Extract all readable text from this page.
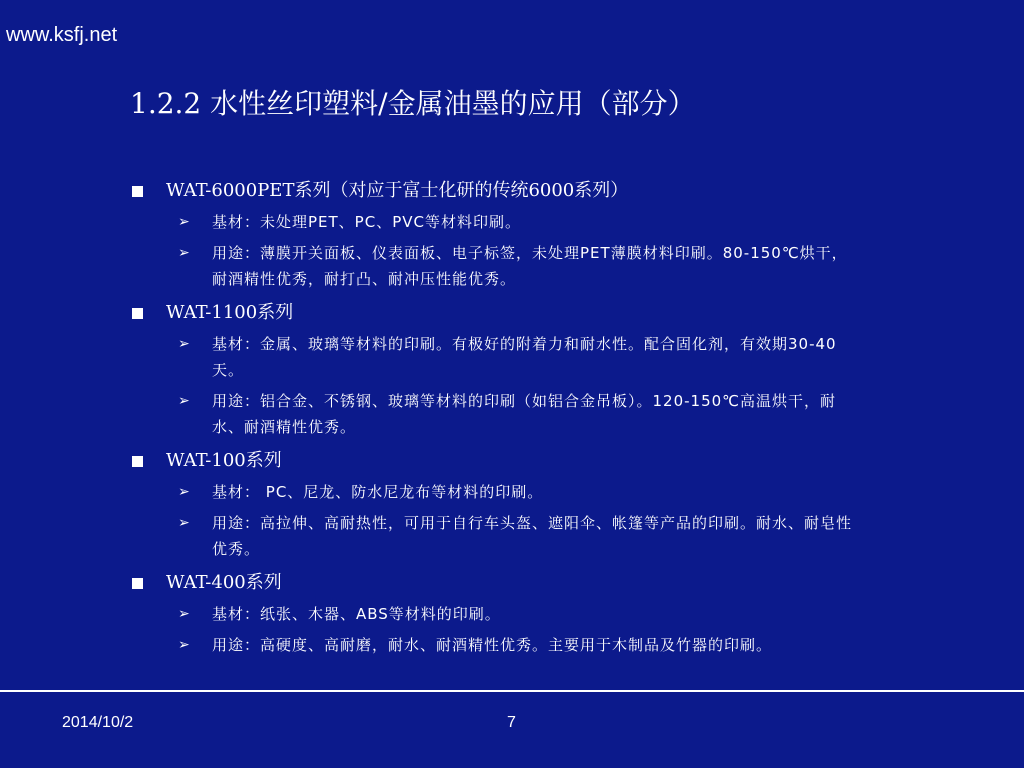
www.ksfj.net
1.2.2 水性丝印塑料/金属油墨的应用（部分）
WAT-6000PET系列（对应于富士化研的传统6000系列）
➢ 基材：未处理PET、PC、PVC等材料印刷。
➢ 用途：薄膜开关面板、仪表面板、电子标签，未处理PET薄膜材料印刷。80-150℃烘干，耐酒精性优秀，耐打凸、耐冲压性能优秀。
WAT-1100系列
➢ 基材：金属、玻璃等材料的印刷。有极好的附着力和耐水性。配合固化剂，有效期30-40天。
➢ 用途：铝合金、不锈钢、玻璃等材料的印刷（如铝合金吊板）。120-150℃高温烘干，耐水、耐酒精性优秀。
WAT-100系列
➢ 基材： PC、尼龙、防水尼龙布等材料的印刷。
➢ 用途：高拉伸、高耐热性，可用于自行车头盔、遮阳伞、帐篷等产品的印刷。耐水、耐皂性优秀。
WAT-400系列
➢ 基材：纸张、木器、ABS等材料的印刷。
➢ 用途：高硬度、高耐磨，耐水、耐酒精性优秀。主要用于木制品及竹器的印刷。
2014/10/2	7
